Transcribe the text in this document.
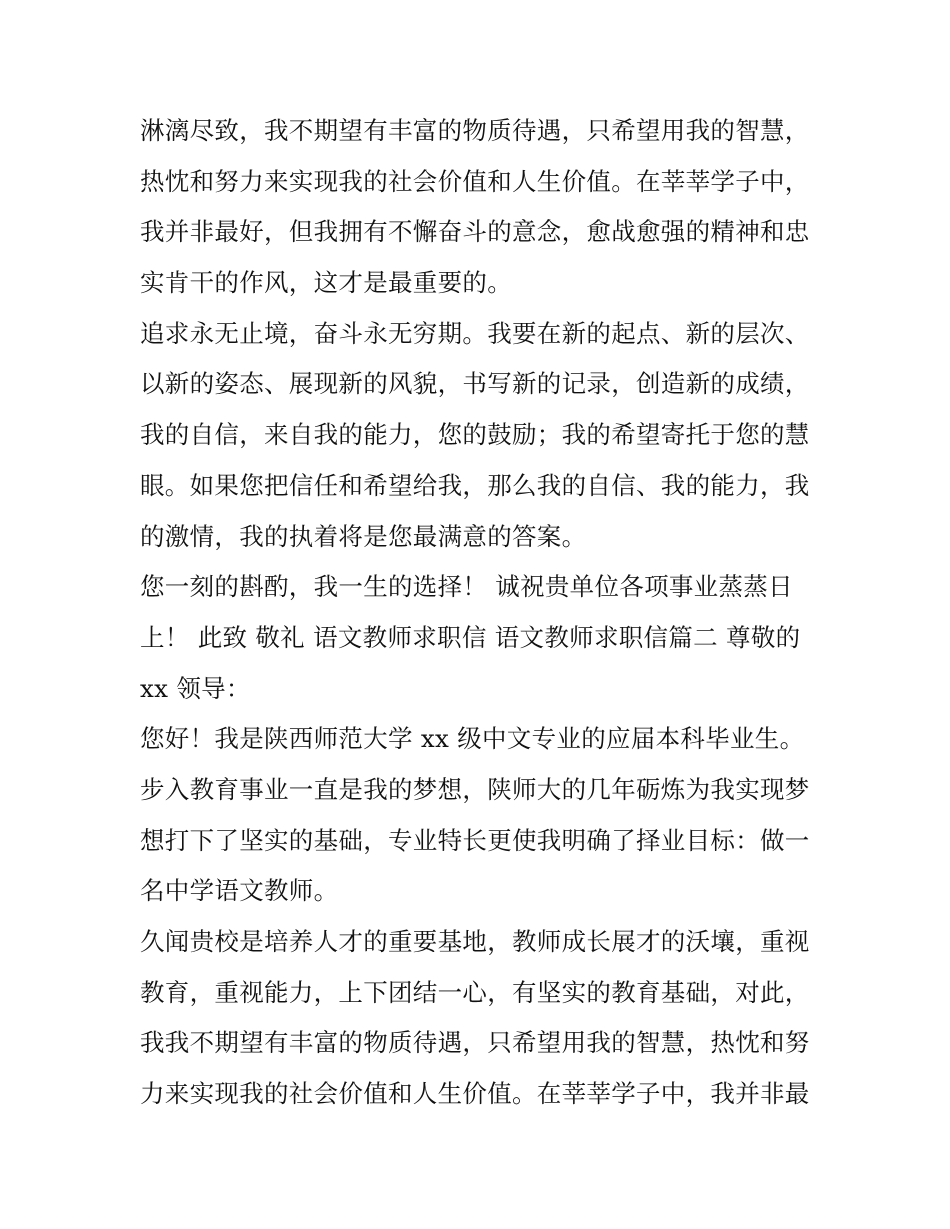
淋漓尽致，我不期望有丰富的物质待遇，只希望用我的智慧，
热忱和努力来实现我的社会价值和人生价值。在莘莘学子中，
我并非最好，但我拥有不懈奋斗的意念，愈战愈强的精神和忠
实肯干的作风，这才是最重要的。
追求永无止境，奋斗永无穷期。我要在新的起点、新的层次、
以新的姿态、展现新的风貌，书写新的记录，创造新的成绩，
我的自信，来自我的能力，您的鼓励；我的希望寄托于您的慧
眼。如果您把信任和希望给我，那么我的自信、我的能力，我
的激情，我的执着将是您最满意的答案。
您一刻的斟酌，我一生的选择！ 诚祝贵单位各项事业蒸蒸日
上！ 此致 敬礼 语文教师求职信 语文教师求职信篇二 尊敬的
xx 领导：
您好！我是陕西师范大学 xx 级中文专业的应届本科毕业生。
步入教育事业一直是我的梦想，陕师大的几年砺炼为我实现梦
想打下了坚实的基础，专业特长更使我明确了择业目标：做一
名中学语文教师。
久闻贵校是培养人才的重要基地，教师成长展才的沃壤，重视
教育，重视能力，上下团结一心，有坚实的教育基础，对此，
我我不期望有丰富的物质待遇，只希望用我的智慧，热忱和努
力来实现我的社会价值和人生价值。在莘莘学子中，我并非最
